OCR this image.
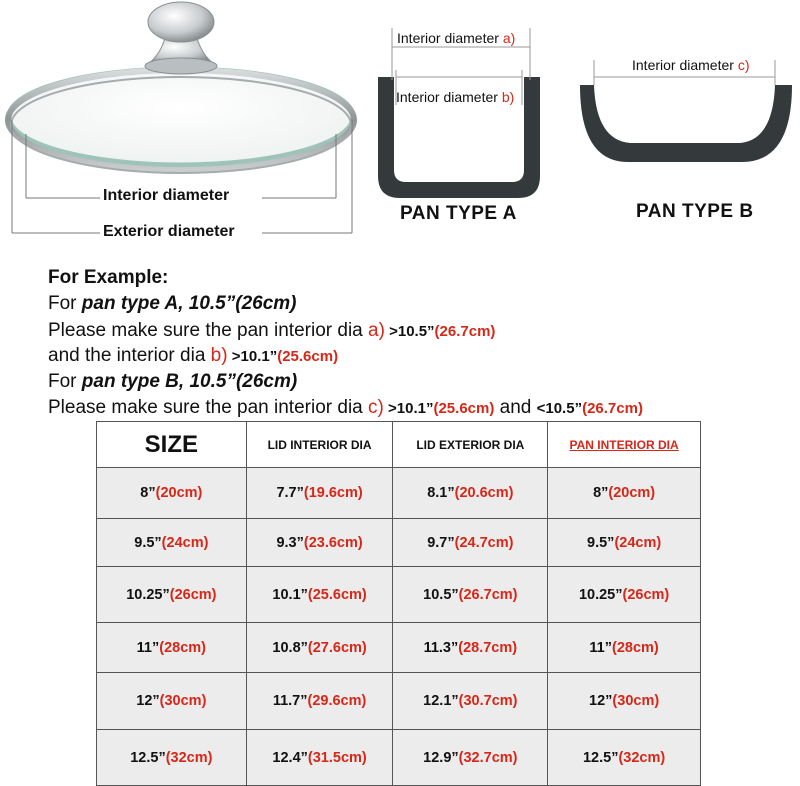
Interior diameter
Exterior diameter
Interior diameter a)
Interior diameter b)
PAN TYPE A
Interior diameter c)
PAN TYPE B
For Example:
For pan type A, 10.5”(26cm)
Please make sure the pan interior dia a) >10.5”(26.7cm)
and the interior dia b) >10.1”(25.6cm)
For pan type B, 10.5”(26cm)
Please make sure the pan interior dia c) >10.1”(25.6cm) and <10.5”(26.7cm)
SIZE	LID INTERIOR DIA	LID EXTERIOR DIA	PAN INTERIOR DIA
8”(20cm)	7.7”(19.6cm)	8.1”(20.6cm)	8”(20cm)
9.5”(24cm)	9.3”(23.6cm)	9.7”(24.7cm)	9.5”(24cm)
10.25”(26cm)	10.1”(25.6cm)	10.5”(26.7cm)	10.25”(26cm)
11”(28cm)	10.8”(27.6cm)	11.3”(28.7cm)	11”(28cm)
12”(30cm)	11.7”(29.6cm)	12.1”(30.7cm)	12”(30cm)
12.5”(32cm)	12.4”(31.5cm)	12.9”(32.7cm)	12.5”(32cm)
